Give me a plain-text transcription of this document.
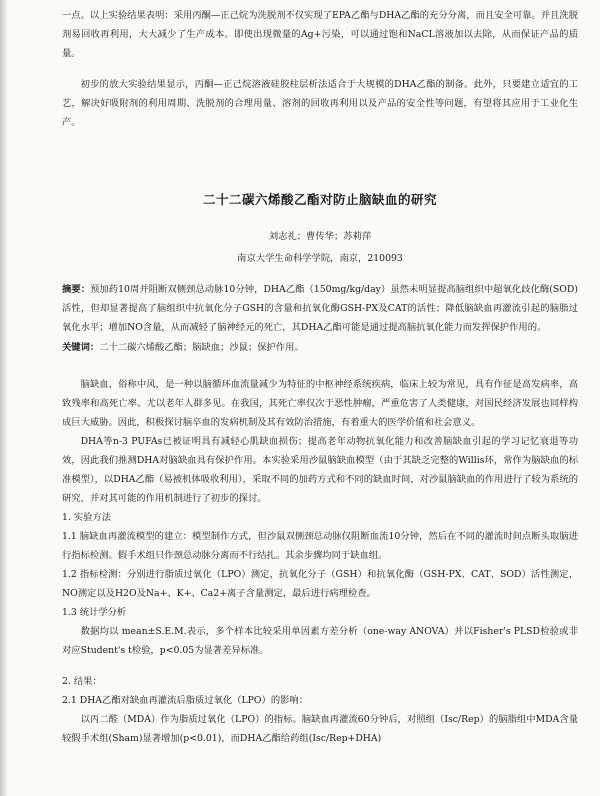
一点。以上实验结果表明：采用丙酮—正己烷为洗脱剂不仅实现了EPA乙酯与DHA乙酯的充分分离，而且安全可靠。并且洗脱剂易回收再利用，大大减少了生产成本。即使出现微量的Ag+污染，可以通过饱和NaCL溶液加以去除，从而保证产品的质量。

初步的放大实验结果显示，丙酮—正己烷溶液硅胶柱层析法适合于大规模的DHA乙酯的制备。此外，只要建立适宜的工艺，解决好吸附剂的利用周期、洗脱剂的合理用量、溶剂的回收再利用以及产品的安全性等问题，有望将其应用于工业化生产。

二十二碳六烯酸乙酯对防止脑缺血的研究

刘志礼；曹传华；苏莉萍

南京大学生命科学学院，南京，210093

摘要：预加药10周并阻断双侧颈总动脉10分钟，DHA乙酯（150mg/kg/day）虽然未明显提高脑组织中超氧化歧化酶(SOD)活性，但却显著提高了脑组织中抗氧化分子GSH的含量和抗氧化酶GSH-PX及CAT的活性；降低脑缺血再灌流引起的脑脂过氧化水平；增加NO含量，从而减轻了脑神经元的死亡，其DHA乙酯可能是通过提高脑抗氧化能力而发挥保护作用的。

关键词：二十二碳六烯酸乙酯；脑缺血；沙鼠；保护作用。

脑缺血，俗称中风，是一种以脑循环血流量减少为特征的中枢神经系统疾病，临床上较为常见，具有作征是高发病率，高致残率和高死亡率。尤以老年人群多见。在我国，其死亡率仅次于恶性肿瘤，严重危害了人类健康，对国民经济发展也同样构成巨大威胁。因此，积极探讨脑卒血的发病机制及其有效防治措施，有着重大的医学价值和社会意义。

DHA等n-3 PUFAs已被证明具有减轻心肌缺血损伤；提高老年动物抗氧化能力和改善脑缺血引起的学习记忆衰退等功效，因此我们推测DHA对脑缺血具有保护作用。本实验采用沙鼠脑缺血模型（由于其缺乏完整的Willis环，常作为脑缺血的标准模型），以DHA乙酯（易被机体吸收利用），采取不同的加药方式和不同的缺血时间，对沙鼠脑缺血的作用进行了较为系统的研究，并对其可能的作用机制进行了初步的探讨。

1. 实验方法

1.1 脑缺血再灌流模型的建立：模型制作方式，但沙鼠双侧颈总动脉仅阻断血流10分钟，然后在不同的灌流时间点断头取脑进行指标检测。假手术组只作颈总动脉分离而不行结扎。其余步骤均同于缺血组。

1.2 指标检测：分别进行脂质过氧化（LPO）测定，抗氧化分子（GSH）和抗氧化酶（GSH-PX、CAT、SOD）活性测定，NO测定以及H2O及Na+、K+、Ca2+离子含量测定，最后进行病理检查。

1.3 统计学分析

数据均以 mean±S.E.M.表示，多个样本比较采用单因素方差分析（one-way ANOVA）并以Fisher's PLSD检验或非对应Student's t检验，p<0.05为显著差异标准。

2. 结果：

2.1 DHA乙酯对缺血再灌流后脂质过氧化（LPO）的影响：

以丙二醛（MDA）作为脂质过氧化（LPO）的指标。脑缺血再灌流60分钟后，对照组（Isc/Rep）的脑脂组中MDA含量较假手术组(Sham)显著增加(p<0.01)，而DHA乙酯给药组(Isc/Rep+DHA)
